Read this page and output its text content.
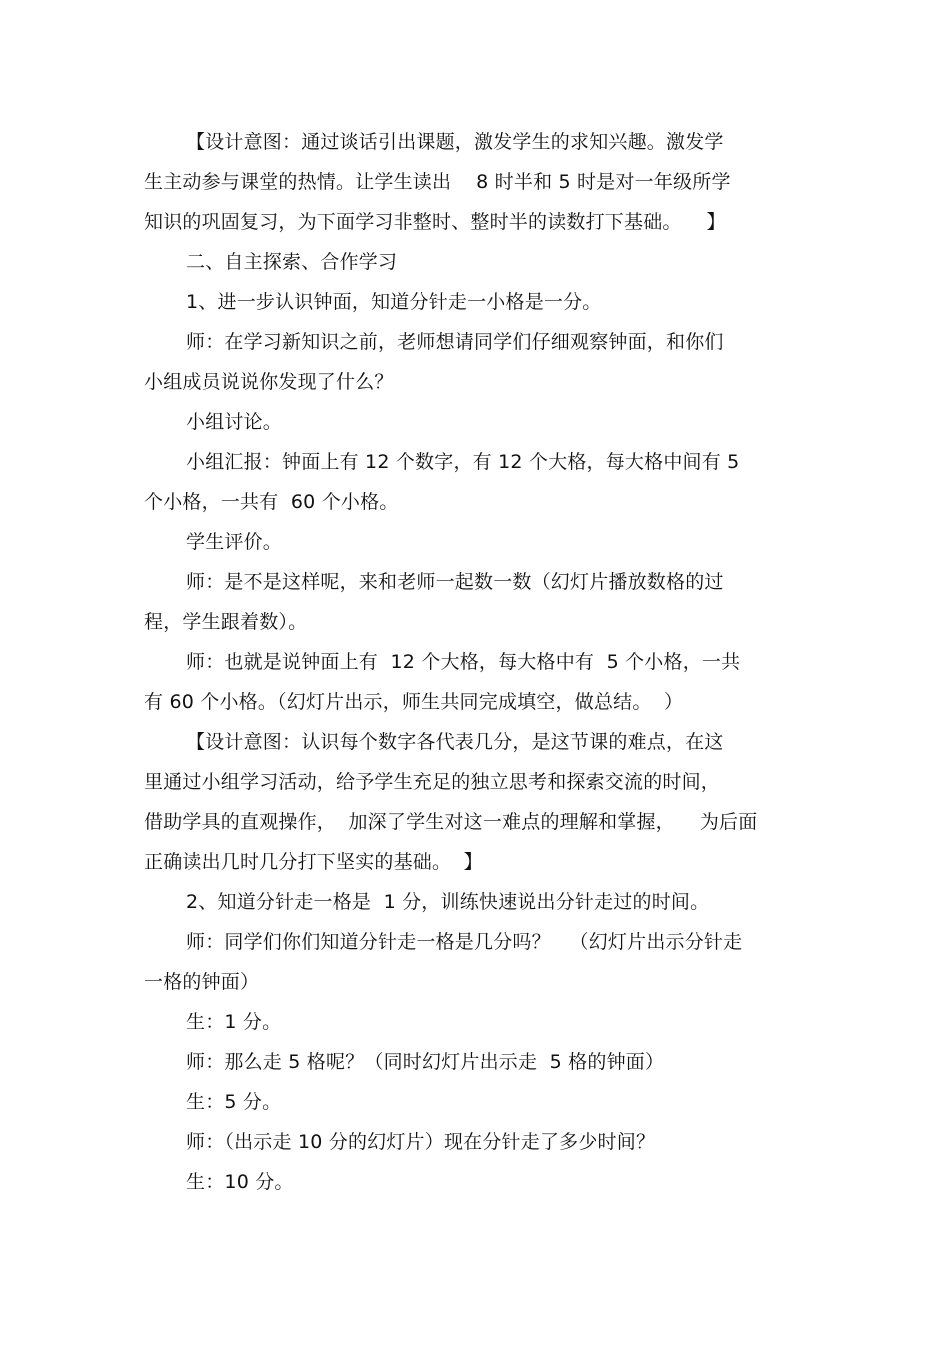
【设计意图：通过谈话引出课题，激发学生的求知兴趣。激发学
生主动参与课堂的热情。让学生读出    8 时半和 5 时是对一年级所学
知识的巩固复习，为下面学习非整时、整时半的读数打下基础。    】
二、自主探索、合作学习
1、进一步认识钟面，知道分针走一小格是一分。
师：在学习新知识之前，老师想请同学们仔细观察钟面，和你们
小组成员说说你发现了什么？
小组讨论。
小组汇报：钟面上有 12 个数字，有 12 个大格，每大格中间有 5
个小格，一共有  60 个小格。
学生评价。
师：是不是这样呢，来和老师一起数一数（幻灯片播放数格的过
程，学生跟着数）。
师：也就是说钟面上有  12 个大格，每大格中有  5 个小格，一共
有 60 个小格。（幻灯片出示，师生共同完成填空，做总结。  ）
【设计意图：认识每个数字各代表几分，是这节课的难点，在这
里通过小组学习活动，给予学生充足的独立思考和探索交流的时间，
借助学具的直观操作，  加深了学生对这一难点的理解和掌握，    为后面
正确读出几时几分打下坚实的基础。  】
2、知道分针走一格是  1 分，训练快速说出分针走过的时间。
师：同学们你们知道分针走一格是几分吗？   （幻灯片出示分针走
一格的钟面）
生：1 分。
师：那么走 5 格呢？（同时幻灯片出示走  5 格的钟面）
生：5 分。
师：（出示走 10 分的幻灯片）现在分针走了多少时间？
生：10 分。
